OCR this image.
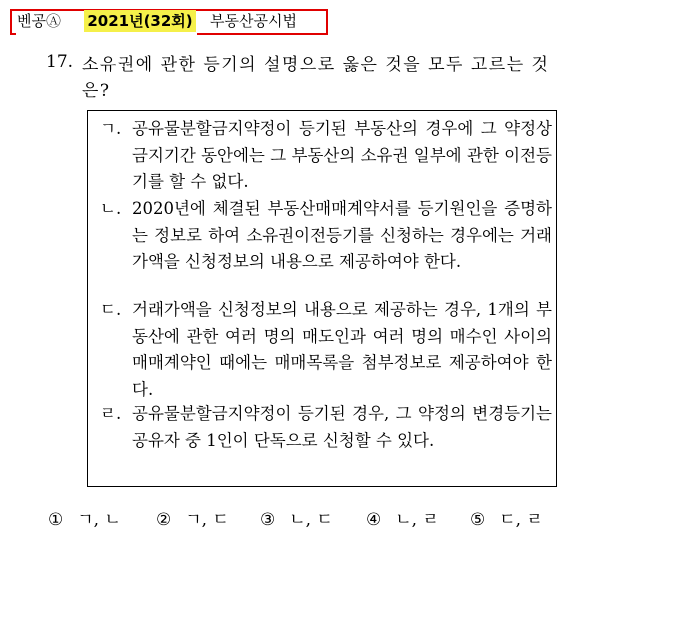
벤공Ⓐ	2021년(32회) 부동산공시법
17. 소유권에 관한 등기의 설명으로 옳은 것을 모두 고르는 것은?
ㄱ. 공유물분할금지약정이 등기된 부동산의 경우에 그 약정상 금지기간 동안에는 그 부동산의 소유권 일부에 관한 이전등기를 할 수 없다.
ㄴ. 2020년에 체결된 부동산매매계약서를 등기원인을 증명하는 정보로 하여 소유권이전등기를 신청하는 경우에는 거래가액을 신청정보의 내용으로 제공하여야 한다.
ㄷ. 거래가액을 신청정보의 내용으로 제공하는 경우, 1개의 부동산에 관한 여러 명의 매도인과 여러 명의 매수인 사이의 매매계약인 때에는 매매목록을 첨부정보로 제공하여야 한다.
ㄹ. 공유물분할금지약정이 등기된 경우, 그 약정의 변경등기는 공유자 중 1인이 단독으로 신청할 수 있다.
① ㄱ, ㄴ ② ㄱ, ㄷ ③ ㄴ, ㄷ ④ ㄴ, ㄹ ⑤ ㄷ, ㄹ
